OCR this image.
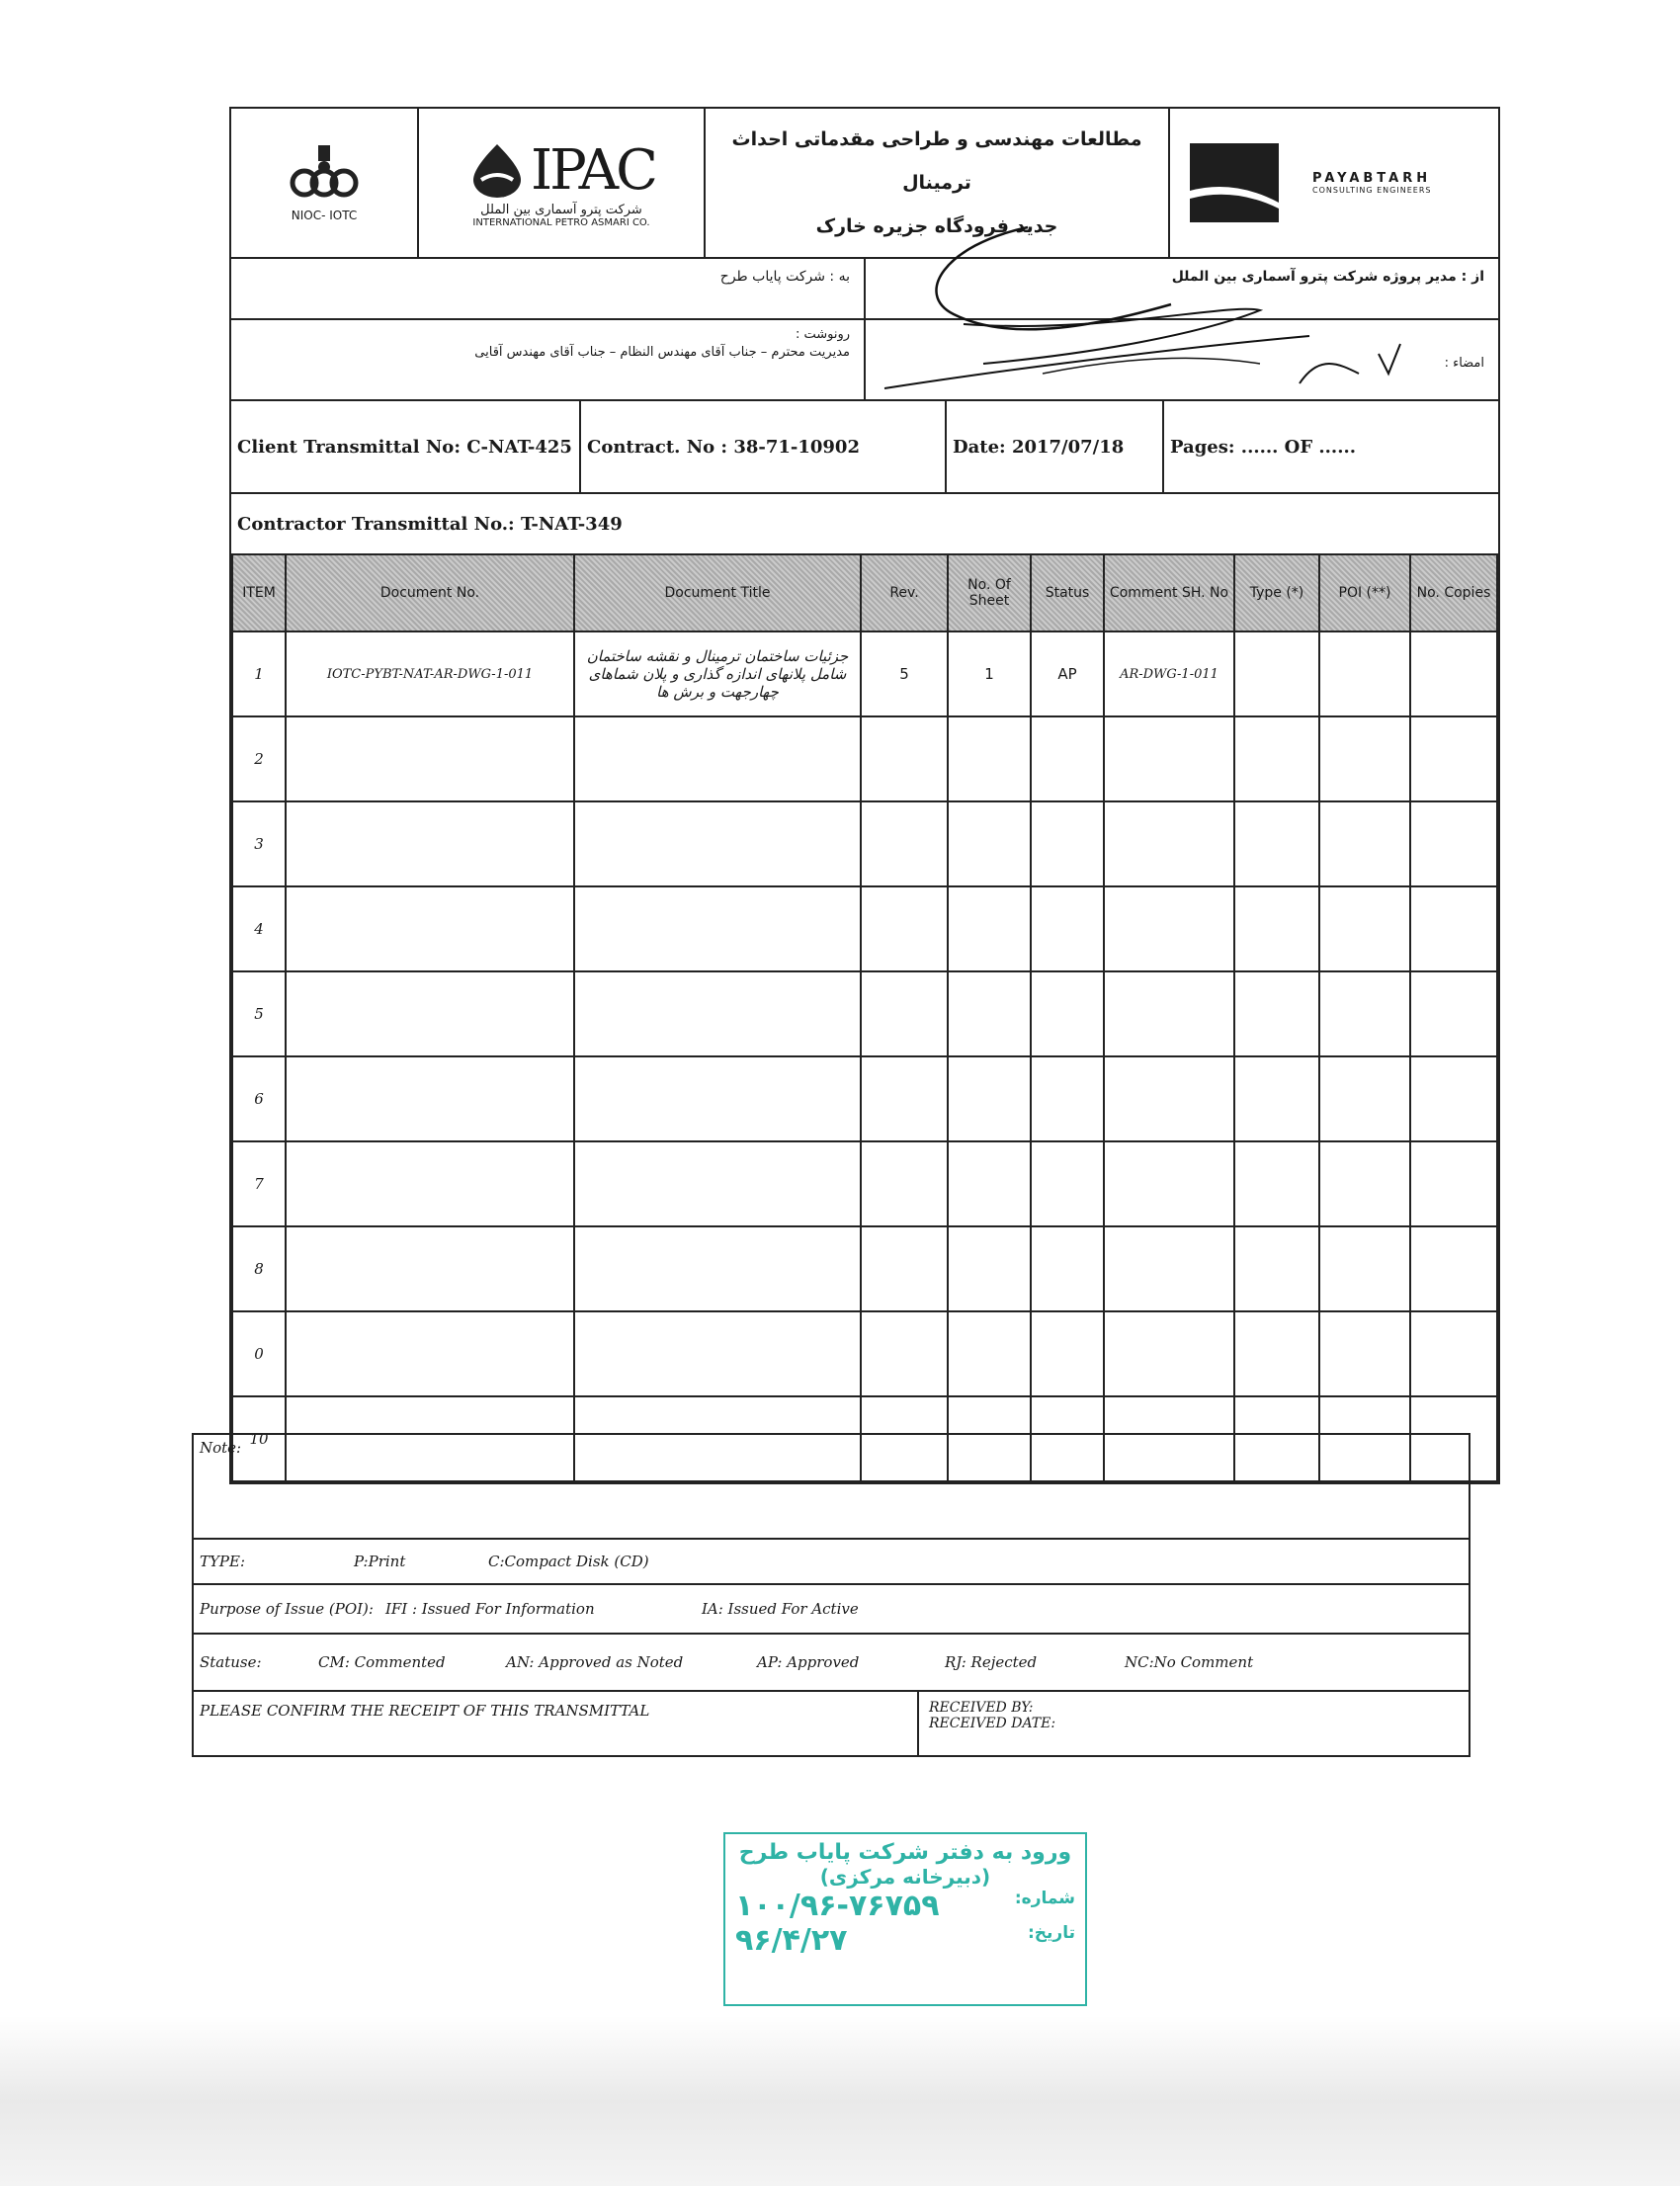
NIOC- IOTC
IPAC
شرکت پترو آسماری بین الملل
INTERNATIONAL PETRO ASMARI CO.
مطالعات مهندسی و طراحی مقدماتی احداث ترمینال
جدید فرودگاه جزیره خارک
PAYABTARH
CONSULTING ENGINEERS
به : شرکت پایاب طرح	از : مدیر پروژه شرکت پترو آسماری بین الملل
رونوشت :
مدیریت محترم – جناب آقای مهندس النظام – جناب آقای مهندس آقایی
امضاء :
Client Transmittal No: C-NAT-425 Contract. No : 38-71-10902	Date: 2017/07/18	Pages: ...... OF ......
Contractor Transmittal No.: T-NAT-349
ITEM	Document No.	Document Title	Rev.	No. Of Sheet	Status	Comment SH. No	Type (*)	POI (**)	No. Copies
1	IOTC-PYBT-NAT-AR-DWG-1-011	جزئیات ساختمان ترمینال و نقشه ساختمان شامل پلانهای اندازه گذاری و پلان شماهای چهارجهت و برش ها	5	1	AP	AR-DWG-1-011			
2									
3									
4									
5									
6									
7									
8									
0									
10									
Note:
TYPE:	P:Print	C:Compact Disk (CD)
Purpose of Issue (POI): IFI : Issued For Information	IA: Issued For Active
Statuse:	CM: Commented	AN: Approved as Noted	AP: Approved	RJ: Rejected	NC:No Comment
PLEASE CONFIRM THE RECEIPT OF THIS TRANSMITTAL	RECEIVED BY:
RECEIVED DATE:
ورود به دفتر شرکت پایاب طرح
(دبیرخانه مرکزی)
شماره:
۱۰۰/۹۶-۷۶۷۵۹
تاریخ:
۹۶/۴/۲۷
